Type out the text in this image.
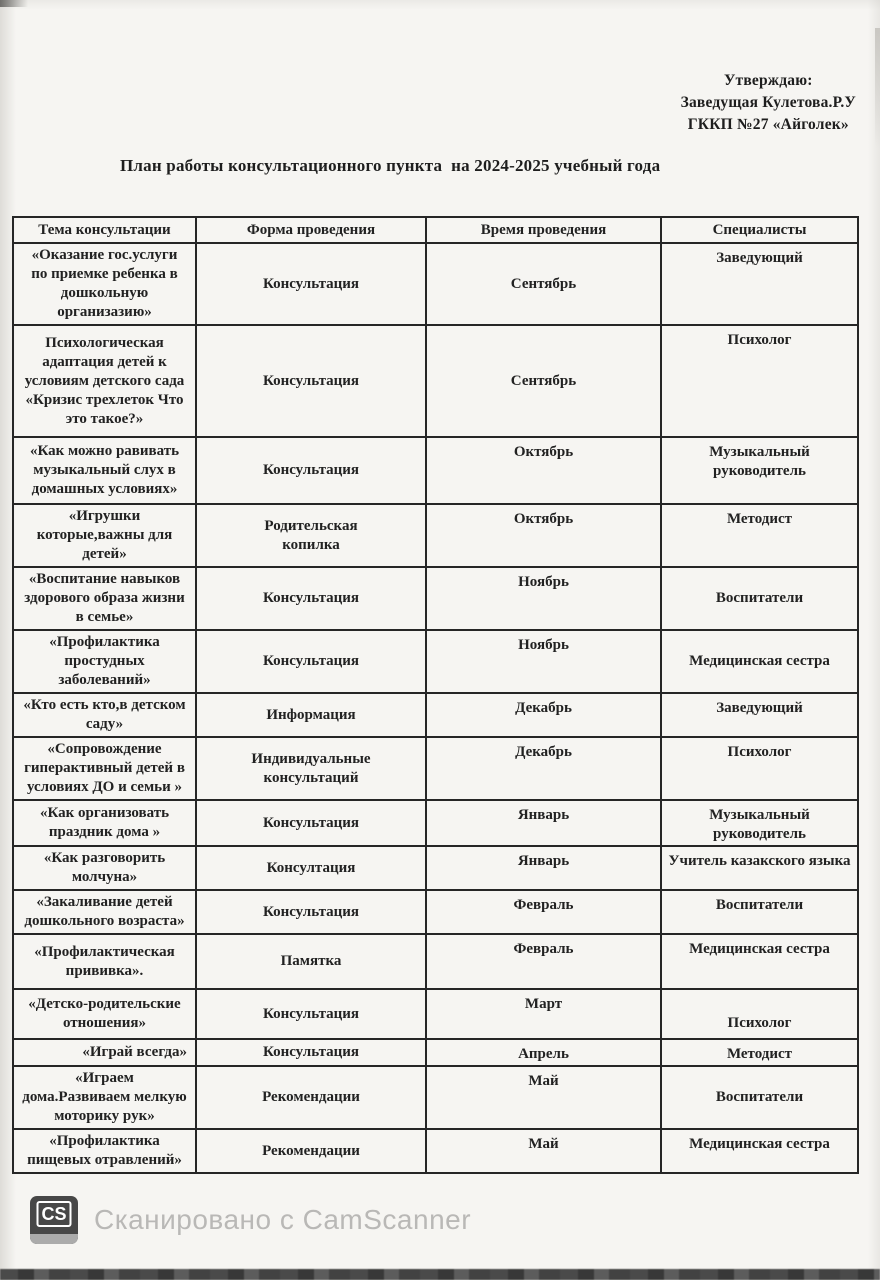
Утверждаю:
Заведущая Кулетова.Р.У
ГККП №27 «Айголек»
План работы консультационного пункта  на 2024-2025 учебный года
Тема консультации	Форма проведения	Время проведения	Специалисты
«Оказание гос.услуги по приемке ребенка в дошкольную организазию»	Консультация	Сентябрь	Заведующий
Психологическая адаптация детей к условиям детского сада «Кризис трехлеток Что это такое?»	Консультация	Сентябрь	Психолог
«Как можно равивать музыкальный слух в домашных условиях»	Консультация	Октябрь	Музыкальный руководитель
«Игрушки которые,важны для детей»	Родительская копилка	Октябрь	Методист
«Воспитание навыков здорового образа жизни в семье»	Консультация	Ноябрь	Воспитатели
«Профилактика простудных заболеваний»	Консультация	Ноябрь	Медицинская сестра
«Кто есть кто,в детском саду»	Информация	Декабрь	Заведующий
«Сопровождение гиперактивный детей в условиях ДО и семьи »	Индивидуальные консультаций	Декабрь	Психолог
«Как организовать праздник дома »	Консультация	Январь	Музыкальный руководитель
«Как разговорить молчуна»	Консултация	Январь	Учитель казакского языка
«Закаливание детей дошкольного возраста»	Консультация	Февраль	Воспитатели
«Профилактическая прививка».	Памятка	Февраль	Медицинская сестра
«Детско-родительские отношения»	Консультация	Март	Психолог
«Играй всегда»	Консультация	Апрель	Методист
«Играем дома.Развиваем мелкую моторику рук»	Рекомендации	Май	Воспитатели
«Профилактика пищевых отравлений»	Рекомендации	Май	Медицинская сестра
CS Сканировано с CamScanner
